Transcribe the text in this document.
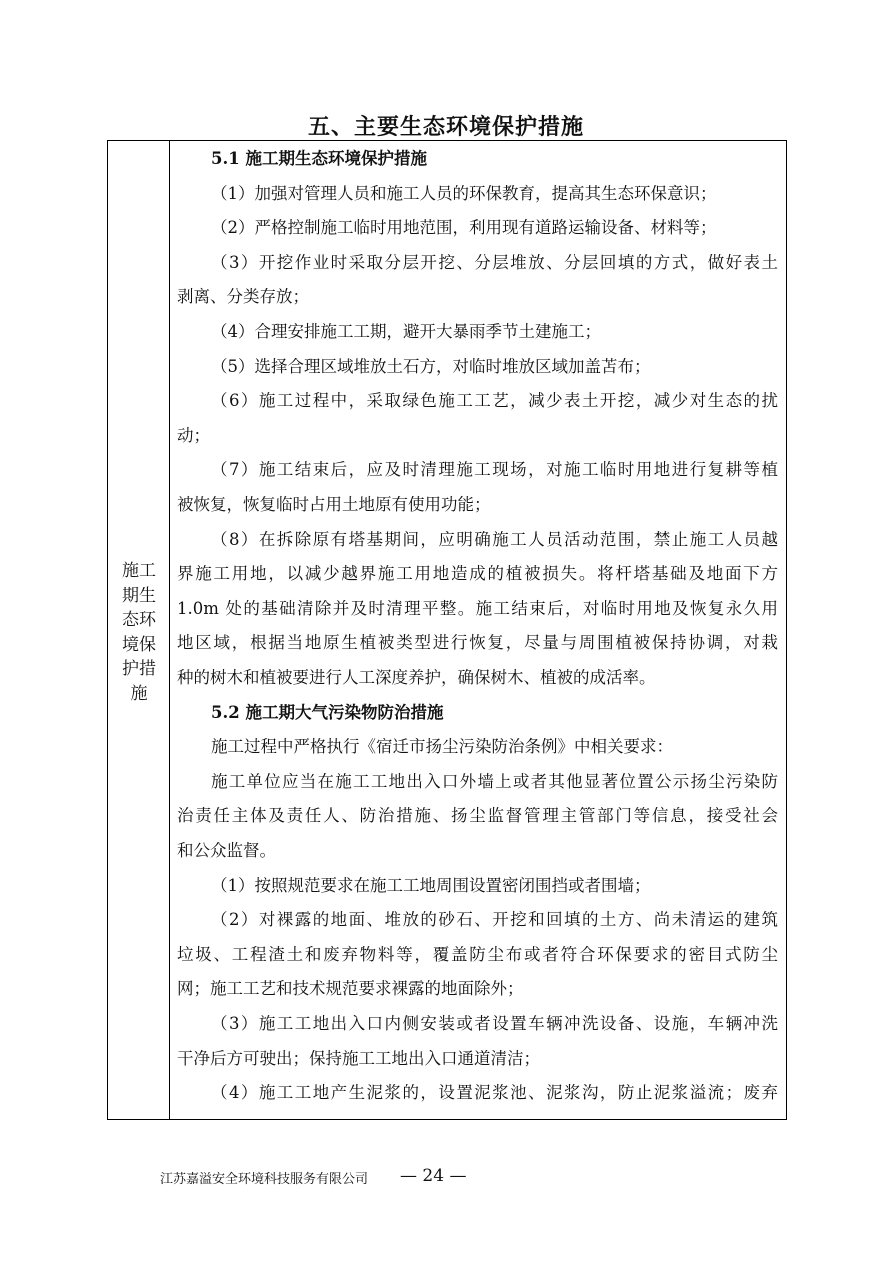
五、主要生态环境保护措施
施工期生态环境保护措施
5.1 施工期生态环境保护措施
（1）加强对管理人员和施工人员的环保教育，提高其生态环保意识；
（2）严格控制施工临时用地范围，利用现有道路运输设备、材料等；
（3）开挖作业时采取分层开挖、分层堆放、分层回填的方式，做好表土
剥离、分类存放；
（4）合理安排施工工期，避开大暴雨季节土建施工；
（5）选择合理区域堆放土石方，对临时堆放区域加盖苫布；
（6）施工过程中，采取绿色施工工艺，减少表土开挖，减少对生态的扰
动；
（7）施工结束后，应及时清理施工现场，对施工临时用地进行复耕等植
被恢复，恢复临时占用土地原有使用功能；
（8）在拆除原有塔基期间，应明确施工人员活动范围，禁止施工人员越
界施工用地，以减少越界施工用地造成的植被损失。将杆塔基础及地面下方
1.0m 处的基础清除并及时清理平整。施工结束后，对临时用地及恢复永久用
地区域，根据当地原生植被类型进行恢复，尽量与周围植被保持协调，对栽
种的树木和植被要进行人工深度养护，确保树木、植被的成活率。
5.2 施工期大气污染物防治措施
施工过程中严格执行《宿迁市扬尘污染防治条例》中相关要求：
施工单位应当在施工工地出入口外墙上或者其他显著位置公示扬尘污染防
治责任主体及责任人、防治措施、扬尘监督管理主管部门等信息，接受社会
和公众监督。
（1）按照规范要求在施工工地周围设置密闭围挡或者围墙；
（2）对裸露的地面、堆放的砂石、开挖和回填的土方、尚未清运的建筑
垃圾、工程渣土和废弃物料等，覆盖防尘布或者符合环保要求的密目式防尘
网；施工工艺和技术规范要求裸露的地面除外；
（3）施工工地出入口内侧安装或者设置车辆冲洗设备、设施，车辆冲洗
干净后方可驶出；保持施工工地出入口通道清洁；
（4）施工工地产生泥浆的，设置泥浆池、泥浆沟，防止泥浆溢流；废弃
江苏嘉溢安全环境科技服务有限公司 — 24 —
